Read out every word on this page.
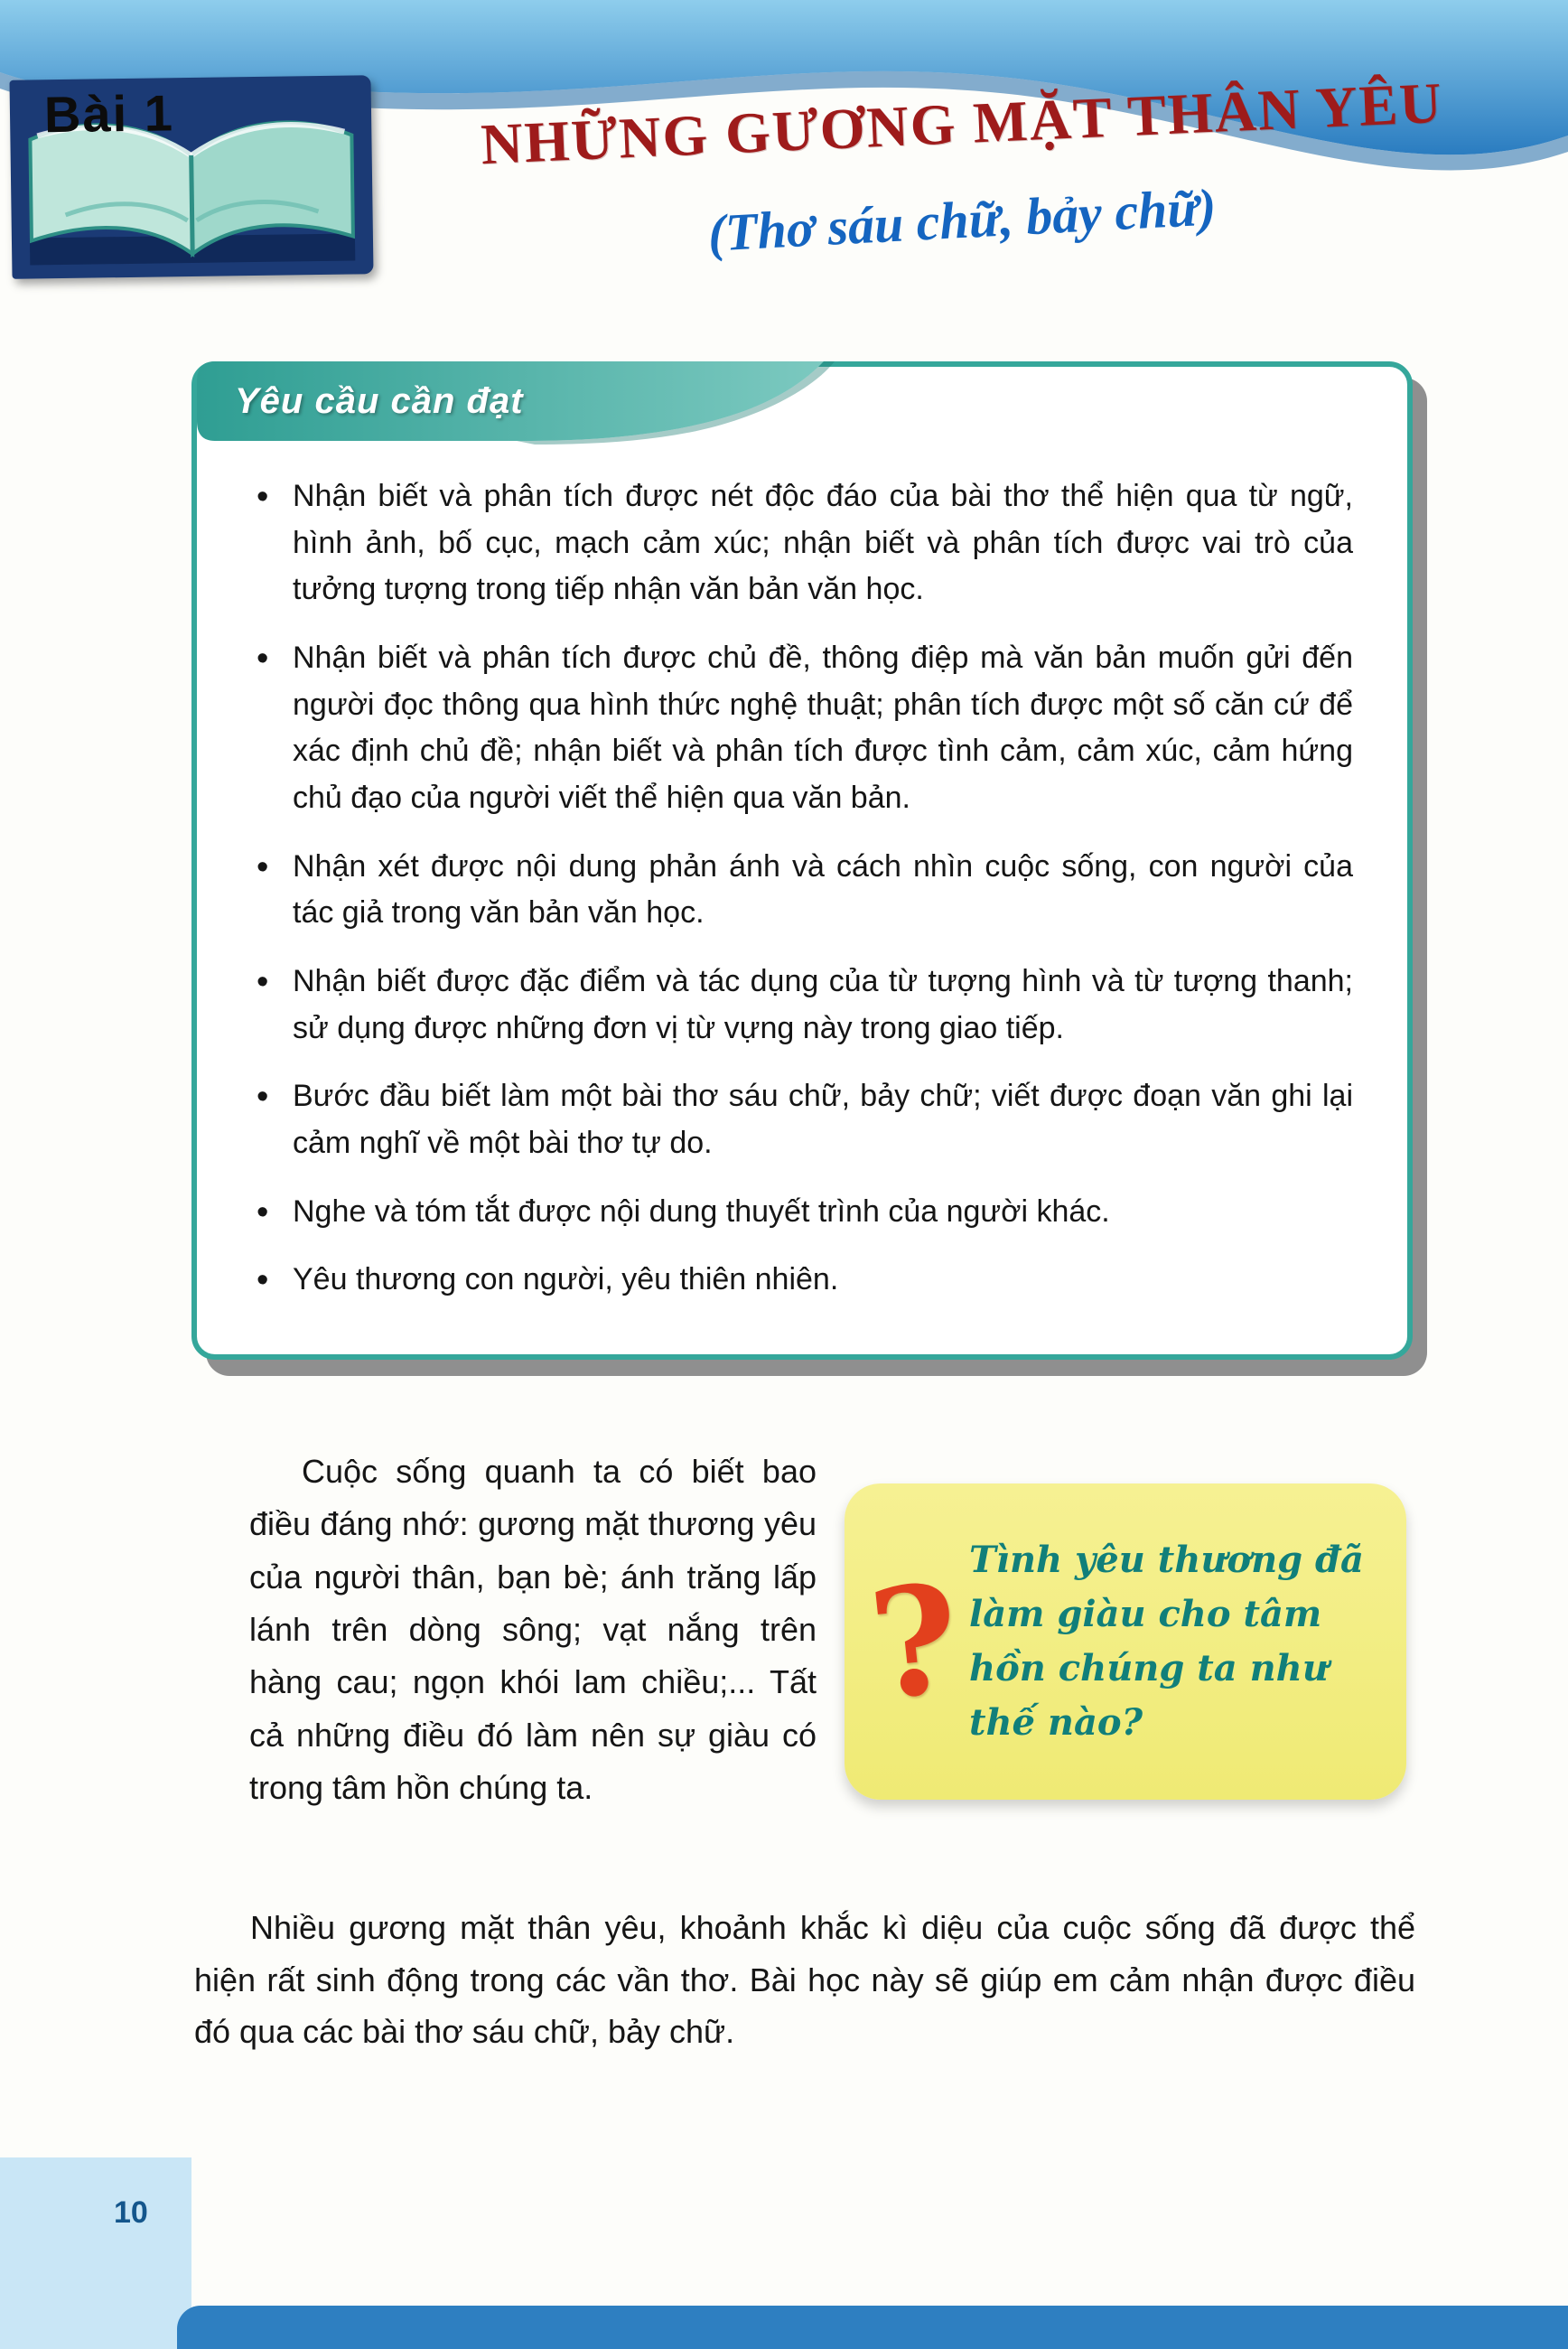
Bài 1	NHỮNG GƯƠNG MẶT THÂN YÊU
(Thơ sáu chữ, bảy chữ)
Yêu cầu cần đạt
• Nhận biết và phân tích được nét độc đáo của bài thơ thể hiện qua từ ngữ, hình ảnh, bố cục, mạch cảm xúc; nhận biết và phân tích được vai trò của tưởng tượng trong tiếp nhận văn bản văn học.
• Nhận biết và phân tích được chủ đề, thông điệp mà văn bản muốn gửi đến người đọc thông qua hình thức nghệ thuật; phân tích được một số căn cứ để xác định chủ đề; nhận biết và phân tích được tình cảm, cảm xúc, cảm hứng chủ đạo của người viết thể hiện qua văn bản.
• Nhận xét được nội dung phản ánh và cách nhìn cuộc sống, con người của tác giả trong văn bản văn học.
• Nhận biết được đặc điểm và tác dụng của từ tượng hình và từ tượng thanh; sử dụng được những đơn vị từ vựng này trong giao tiếp.
• Bước đầu biết làm một bài thơ sáu chữ, bảy chữ; viết được đoạn văn ghi lại cảm nghĩ về một bài thơ tự do.
• Nghe và tóm tắt được nội dung thuyết trình của người khác.
• Yêu thương con người, yêu thiên nhiên.
Cuộc sống quanh ta có biết bao điều đáng nhớ: gương mặt thương yêu của người thân, bạn bè; ánh trăng lấp lánh trên dòng sông; vạt nắng trên hàng cau; ngọn khói lam chiều;... Tất cả những điều đó làm nên sự giàu có trong tâm hồn chúng ta.
? Tình yêu thương đã làm giàu cho tâm hồn chúng ta như thế nào?
Nhiều gương mặt thân yêu, khoảnh khắc kì diệu của cuộc sống đã được thể hiện rất sinh động trong các vần thơ. Bài học này sẽ giúp em cảm nhận được điều đó qua các bài thơ sáu chữ, bảy chữ.
10
